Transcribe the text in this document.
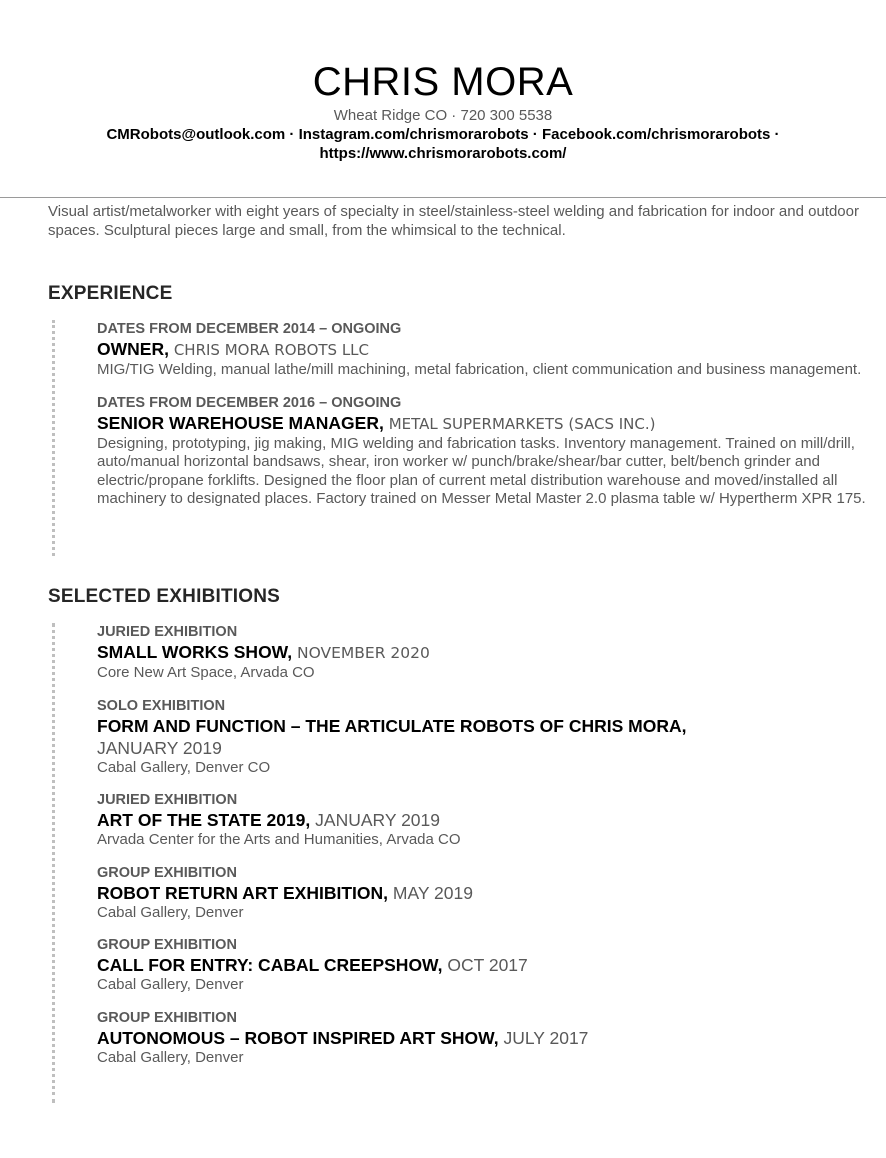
CHRIS MORA
Wheat Ridge CO · 720 300 5538
CMRobots@outlook.com · Instagram.com/chrismorarobots · Facebook.com/chrismorarobots ·
https://www.chrismorarobots.com/

Visual artist/metalworker with eight years of specialty in steel/stainless-steel welding and fabrication for indoor and outdoor spaces. Sculptural pieces large and small, from the whimsical to the technical.

EXPERIENCE
DATES FROM DECEMBER 2014 – ONGOING
OWNER, CHRIS MORA ROBOTS LLC
MIG/TIG Welding, manual lathe/mill machining, metal fabrication, client communication and business management.
DATES FROM DECEMBER 2016 – ONGOING
SENIOR WAREHOUSE MANAGER, METAL SUPERMARKETS (SACS INC.)
Designing, prototyping, jig making, MIG welding and fabrication tasks. Inventory management. Trained on mill/drill, auto/manual horizontal bandsaws, shear, iron worker w/ punch/brake/shear/bar cutter, belt/bench grinder and electric/propane forklifts. Designed the floor plan of current metal distribution warehouse and moved/installed all machinery to designated places. Factory trained on Messer Metal Master 2.0 plasma table w/ Hypertherm XPR 175.
SELECTED EXHIBITIONS
JURIED EXHIBITION
SMALL WORKS SHOW, NOVEMBER 2020
Core New Art Space, Arvada CO
SOLO EXHIBITION
FORM AND FUNCTION – THE ARTICULATE ROBOTS OF CHRIS MORA,
JANUARY 2019
Cabal Gallery, Denver CO
JURIED EXHIBITION
ART OF THE STATE 2019, JANUARY 2019
Arvada Center for the Arts and Humanities, Arvada CO
GROUP EXHIBITION
ROBOT RETURN ART EXHIBITION, MAY 2019
Cabal Gallery, Denver
GROUP EXHIBITION
CALL FOR ENTRY: CABAL CREEPSHOW, OCT 2017
Cabal Gallery, Denver
GROUP EXHIBITION
AUTONOMOUS – ROBOT INSPIRED ART SHOW, JULY 2017
Cabal Gallery, Denver
